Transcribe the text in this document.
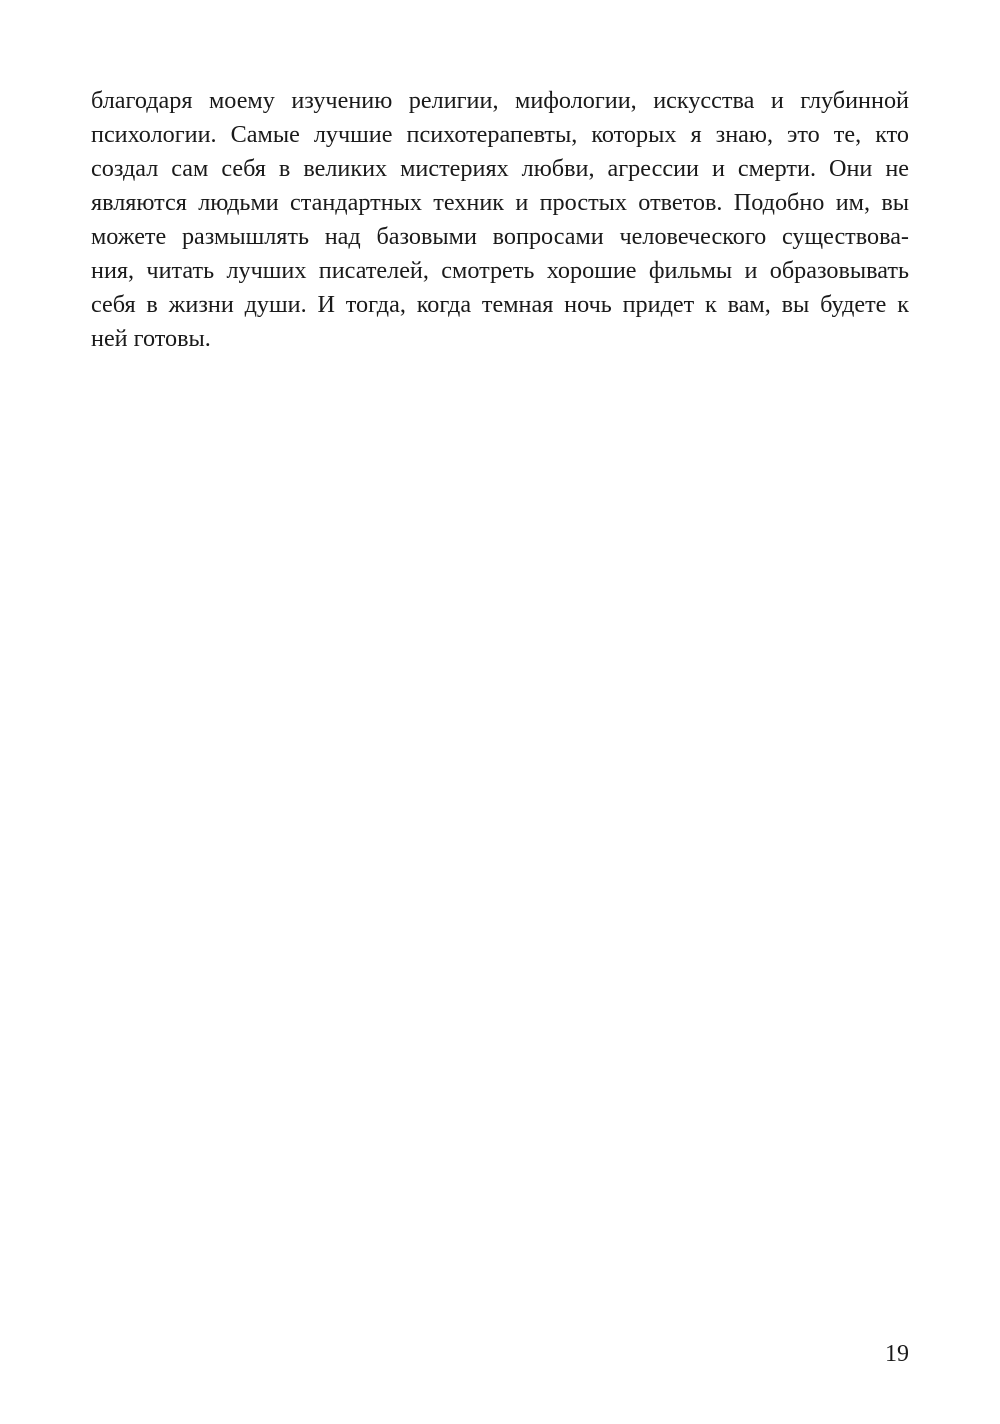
благодаря моему изучению религии, мифологии, искусства и глубинной
психологии. Самые лучшие психотерапевты, которых я знаю, это те, кто
создал сам себя в великих мистериях любви, агрессии и смерти. Они не
являются людьми стандартных техник и простых ответов. Подобно им, вы
можете размышлять над базовыми вопросами человеческого существова-
ния, читать лучших писателей, смотреть хорошие фильмы и образовывать
себя в жизни души. И тогда, когда темная ночь придет к вам, вы будете к
ней готовы.
19
